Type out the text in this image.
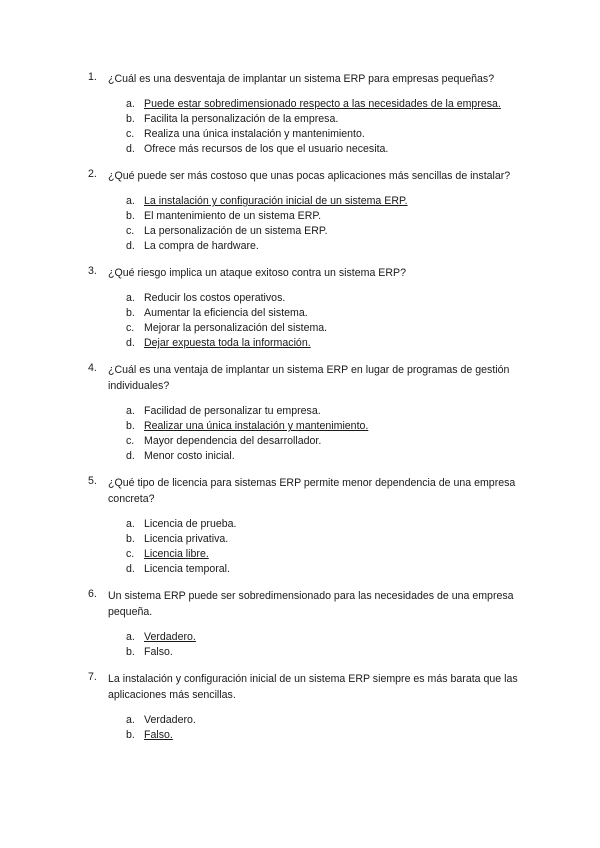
1. ¿Cuál es una desventaja de implantar un sistema ERP para empresas pequeñas?
a. Puede estar sobredimensionado respecto a las necesidades de la empresa.
b. Facilita la personalización de la empresa.
c. Realiza una única instalación y mantenimiento.
d. Ofrece más recursos de los que el usuario necesita.
2. ¿Qué puede ser más costoso que unas pocas aplicaciones más sencillas de instalar?
a. La instalación y configuración inicial de un sistema ERP.
b. El mantenimiento de un sistema ERP.
c. La personalización de un sistema ERP.
d. La compra de hardware.
3. ¿Qué riesgo implica un ataque exitoso contra un sistema ERP?
a. Reducir los costos operativos.
b. Aumentar la eficiencia del sistema.
c. Mejorar la personalización del sistema.
d. Dejar expuesta toda la información.
4. ¿Cuál es una ventaja de implantar un sistema ERP en lugar de programas de gestión individuales?
a. Facilidad de personalizar tu empresa.
b. Realizar una única instalación y mantenimiento.
c. Mayor dependencia del desarrollador.
d. Menor costo inicial.
5. ¿Qué tipo de licencia para sistemas ERP permite menor dependencia de una empresa concreta?
a. Licencia de prueba.
b. Licencia privativa.
c. Licencia libre.
d. Licencia temporal.
6. Un sistema ERP puede ser sobredimensionado para las necesidades de una empresa pequeña.
a. Verdadero.
b. Falso.
7. La instalación y configuración inicial de un sistema ERP siempre es más barata que las aplicaciones más sencillas.
a. Verdadero.
b. Falso.
